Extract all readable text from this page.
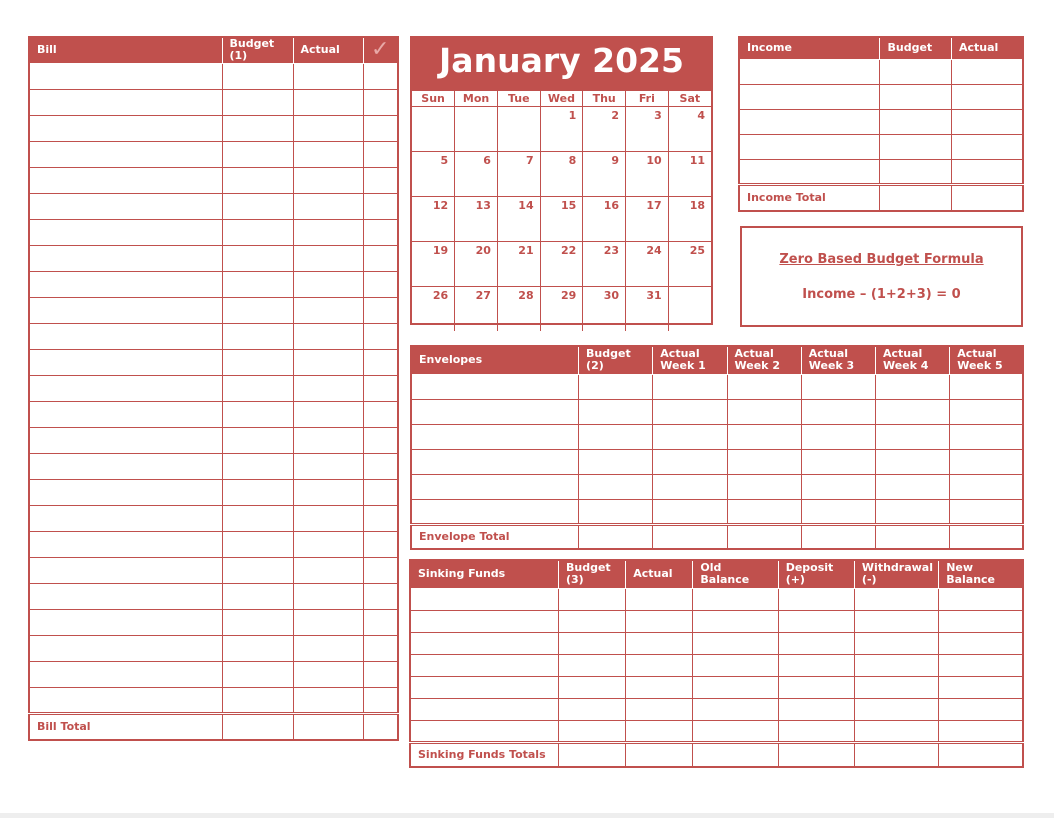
Bill	Budget (1)	Actual	✓

Bill Total			
January 2025
Sun	Mon	Tue	Wed	Thu	Fri	Sat
			1	2	3	4
5	6	7	8	9	10	11
12	13	14	15	16	17	18
19	20	21	22	23	24	25
26	27	28	29	30	31	
Income	Budget	Actual

Income Total		
Zero Based Budget Formula
Income – (1+2+3) = 0
Envelopes	Budget (2)	Actual Week 1	Actual Week 2	Actual Week 3	Actual Week 4	Actual Week 5

Envelope Total						
Sinking Funds	Budget (3)	Actual	Old Balance	Deposit (+)	Withdrawal (-)	New Balance

Sinking Funds Totals						
